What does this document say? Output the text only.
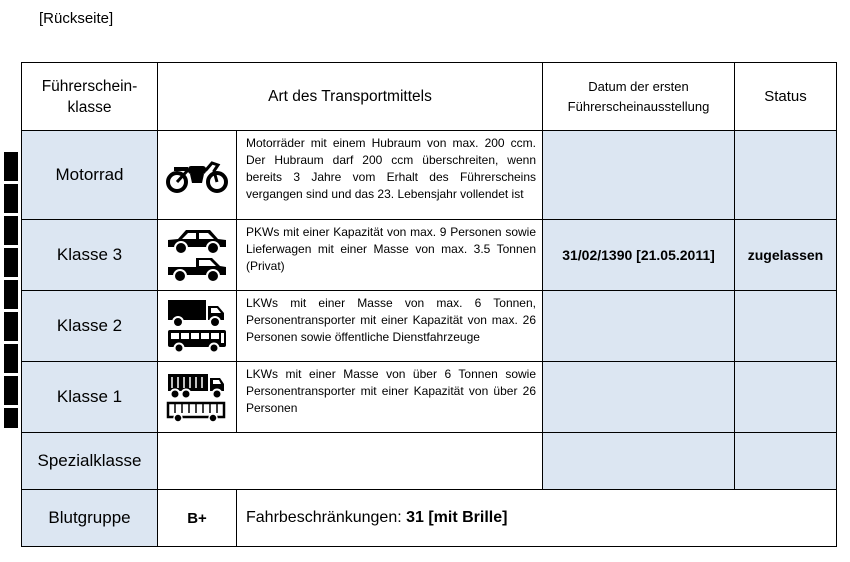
[Rückseite]
Führerschein-klasse	Art des Transportmittels		Datum der ersten Führerscheinausstellung	Status
Motorrad		Motorräder mit einem Hubraum von max. 200 ccm. Der Hubraum darf 200 ccm überschreiten, wenn bereits 3 Jahre vom Erhalt des Führerscheins vergangen sind und das 23. Lebensjahr vollendet ist		

Klasse 3		PKWs mit einer Kapazität von max. 9 Personen sowie Lieferwagen mit einer Masse von max. 3.5 Tonnen (Privat)	31/02/1390 [21.05.2011]	zugelassen
Klasse 2		LKWs mit einer Masse von max. 6 Tonnen, Personentransporter mit einer Kapazität von max. 26 Personen sowie öffentliche Dienstfahrzeuge		

Klasse 1		LKWs mit einer Masse von über 6 Tonnen sowie Personentransporter mit einer Kapazität von über 26 Personen		

Spezialklasse				
Blutgruppe	B+	Fahrbeschränkungen: 31 [mit Brille]		
